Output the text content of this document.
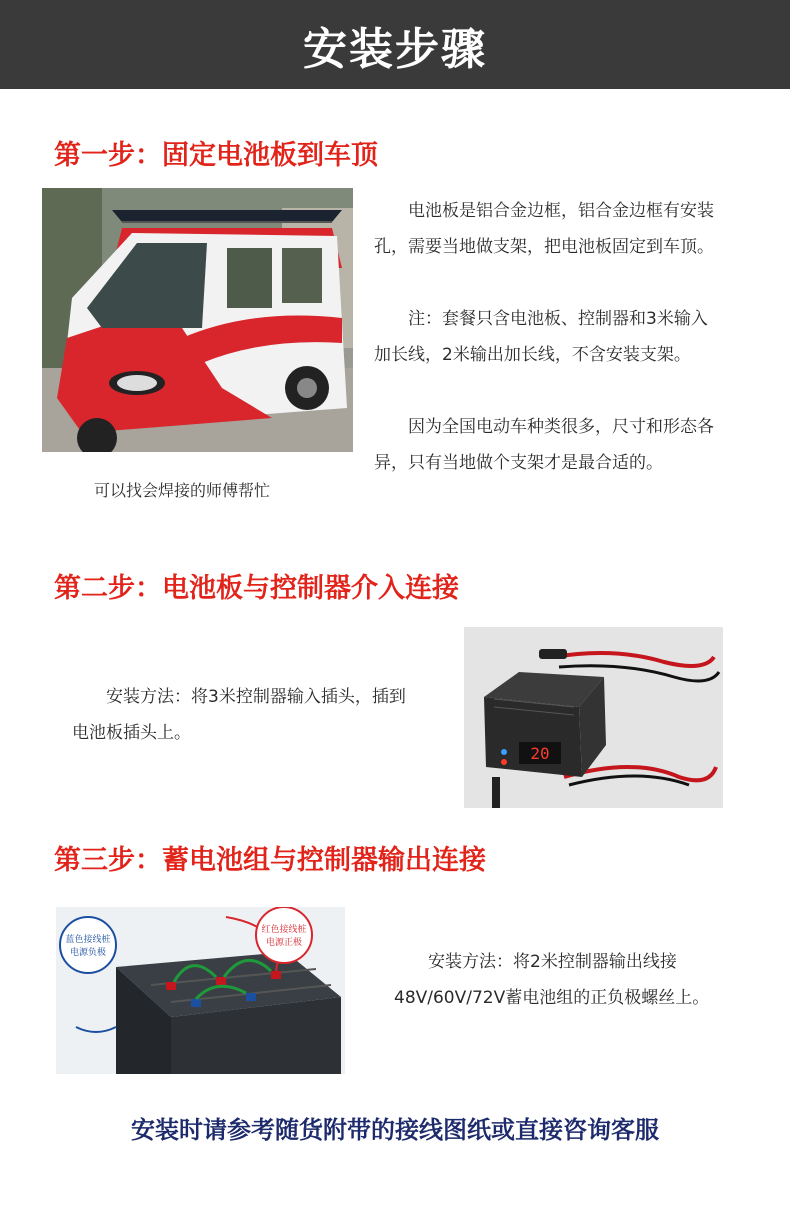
安装步骤
第一步：固定电池板到车顶
可以找会焊接的师傅帮忙

电池板是铝合金边框，铝合金边框有安装孔，需要当地做支架，把电池板固定到车顶。

注：套餐只含电池板、控制器和3米输入加长线，2米输出加长线，不含安装支架。

因为全国电动车种类很多，尺寸和形态各异，只有当地做个支架才是最合适的。

第二步：电池板与控制器介入连接

安装方法：将3米控制器输入插头，插到电池板插头上。

20
第三步：蓄电池组与控制器输出连接
蓝色接线桩
电源负极
红色接线桩
电源正极

安装方法：将2米控制器输出线接48V/60V/72V蓄电池组的正负极螺丝上。

安装时请参考随货附带的接线图纸或直接咨询客服
